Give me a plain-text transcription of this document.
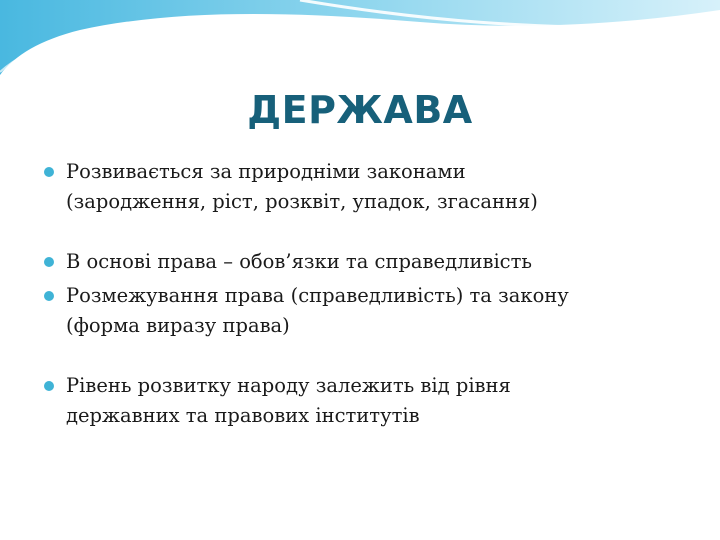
ДЕРЖАВА
Розвивається за природніми законами
(зародження, ріст, розквіт, упадок, згасання)
В основі права – обов’язки та справедливість
Розмежування права (справедливість) та закону
(форма виразу права)
Рівень розвитку народу залежить від рівня
державних та правових інститутів
